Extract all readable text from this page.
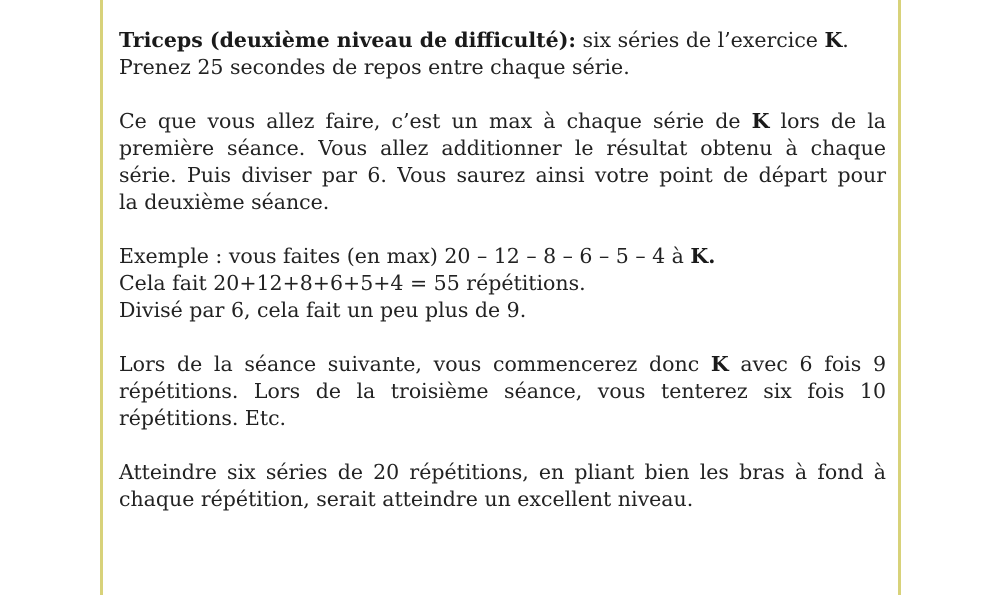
Triceps (deuxième niveau de difficulté): six séries de l’exercice K.
Prenez 25 secondes de repos entre chaque série.
Ce que vous allez faire, c’est un max à chaque série de K lors de la
première séance. Vous allez additionner le résultat obtenu à chaque
série. Puis diviser par 6. Vous saurez ainsi votre point de départ pour
la deuxième séance.
Exemple : vous faites (en max) 20 – 12 – 8 – 6 – 5 – 4 à K.
Cela fait 20+12+8+6+5+4 = 55 répétitions.
Divisé par 6, cela fait un peu plus de 9.
Lors de la séance suivante, vous commencerez donc K avec 6 fois 9
répétitions. Lors de la troisième séance, vous tenterez six fois 10
répétitions. Etc.
Atteindre six séries de 20 répétitions, en pliant bien les bras à fond à
chaque répétition, serait atteindre un excellent niveau.
